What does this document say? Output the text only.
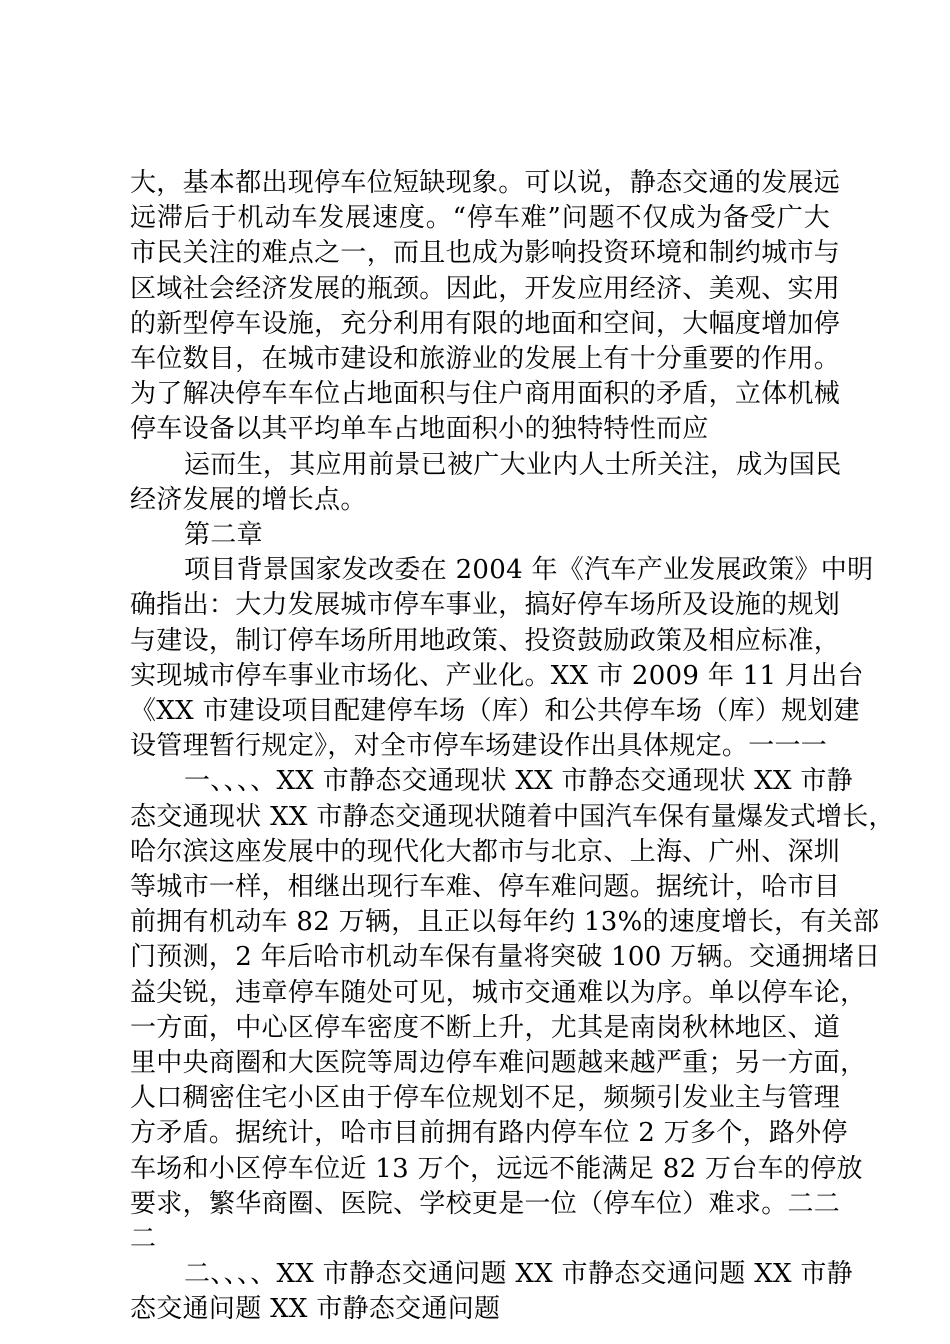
大，基本都出现停车位短缺现象。可以说，静态交通的发展远
远滞后于机动车发展速度。“停车难”问题不仅成为备受广大
市民关注的难点之一，而且也成为影响投资环境和制约城市与
区域社会经济发展的瓶颈。因此，开发应用经济、美观、实用
的新型停车设施，充分利用有限的地面和空间，大幅度增加停
车位数目，在城市建设和旅游业的发展上有十分重要的作用。
为了解决停车车位占地面积与住户商用面积的矛盾，立体机械
停车设备以其平均单车占地面积小的独特特性而应
运而生，其应用前景已被广大业内人士所关注，成为国民
经济发展的增长点。
第二章
项目背景国家发改委在 2004 年《汽车产业发展政策》中明
确指出：大力发展城市停车事业，搞好停车场所及设施的规划
与建设，制订停车场所用地政策、投资鼓励政策及相应标准，
实现城市停车事业市场化、产业化。XX 市 2009 年 11 月出台
《XX 市建设项目配建停车场（库）和公共停车场（库）规划建
设管理暂行规定》，对全市停车场建设作出具体规定。一一一
一、、、、XX 市静态交通现状 XX 市静态交通现状 XX 市静
态交通现状 XX 市静态交通现状随着中国汽车保有量爆发式增长，
哈尔滨这座发展中的现代化大都市与北京、上海、广州、深圳
等城市一样，相继出现行车难、停车难问题。据统计，哈市目
前拥有机动车 82 万辆，且正以每年约 13%的速度增长，有关部
门预测，2 年后哈市机动车保有量将突破 100 万辆。交通拥堵日
益尖锐，违章停车随处可见，城市交通难以为序。单以停车论，
一方面，中心区停车密度不断上升，尤其是南岗秋林地区、道
里中央商圈和大医院等周边停车难问题越来越严重；另一方面，
人口稠密住宅小区由于停车位规划不足，频频引发业主与管理
方矛盾。据统计，哈市目前拥有路内停车位 2 万多个，路外停
车场和小区停车位近 13 万个，远远不能满足 82 万台车的停放
要求，繁华商圈、医院、学校更是一位（停车位）难求。二二
二
二、、、、XX 市静态交通问题 XX 市静态交通问题 XX 市静
态交通问题 XX 市静态交通问题
